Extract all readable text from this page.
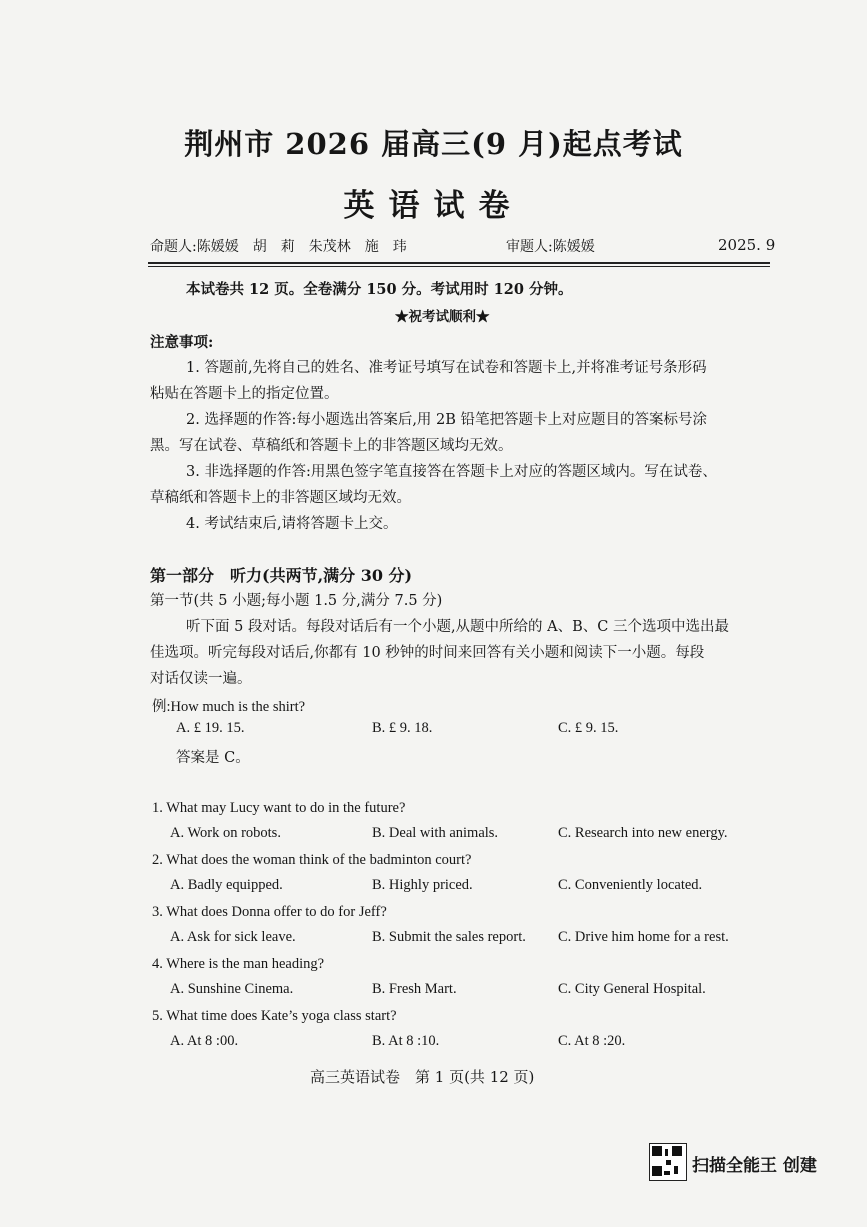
荆州市 2026 届高三(9 月)起点考试
英语试卷
命题人:陈媛媛　胡　莉　朱茂林　施　玮	审题人:陈媛媛	2025. 9
本试卷共 12 页。全卷满分 150 分。考试用时 120 分钟。
★祝考试顺利★
注意事项:
1. 答题前,先将自己的姓名、准考证号填写在试卷和答题卡上,并将准考证号条形码
粘贴在答题卡上的指定位置。
2. 选择题的作答:每小题选出答案后,用 2B 铅笔把答题卡上对应题目的答案标号涂
黑。写在试卷、草稿纸和答题卡上的非答题区域均无效。
3. 非选择题的作答:用黑色签字笔直接答在答题卡上对应的答题区域内。写在试卷、
草稿纸和答题卡上的非答题区域均无效。
4. 考试结束后,请将答题卡上交。
第一部分　听力(共两节,满分 30 分)
第一节(共 5 小题;每小题 1.5 分,满分 7.5 分)
听下面 5 段对话。每段对话后有一个小题,从题中所给的 A、B、C 三个选项中选出最
佳选项。听完每段对话后,你都有 10 秒钟的时间来回答有关小题和阅读下一小题。每段
对话仅读一遍。
例:How much is the shirt?
A. £ 19. 15.	B. £ 9. 18.	C. £ 9. 15.
答案是 C。
1. What may Lucy want to do in the future?
A. Work on robots.	B. Deal with animals.	C. Research into new energy.
2. What does the woman think of the badminton court?
A. Badly equipped.	B. Highly priced.	C. Conveniently located.
3. What does Donna offer to do for Jeff?
A. Ask for sick leave.	B. Submit the sales report. C. Drive him home for a rest.
4. Where is the man heading?
A. Sunshine Cinema.	B. Fresh Mart.	C. City General Hospital.
5. What time does Kate’s yoga class start?
A. At 8 :00.	B. At 8 :10.	C. At 8 :20.
高三英语试卷　第 1 页(共 12 页)
扫描全能王 创建
